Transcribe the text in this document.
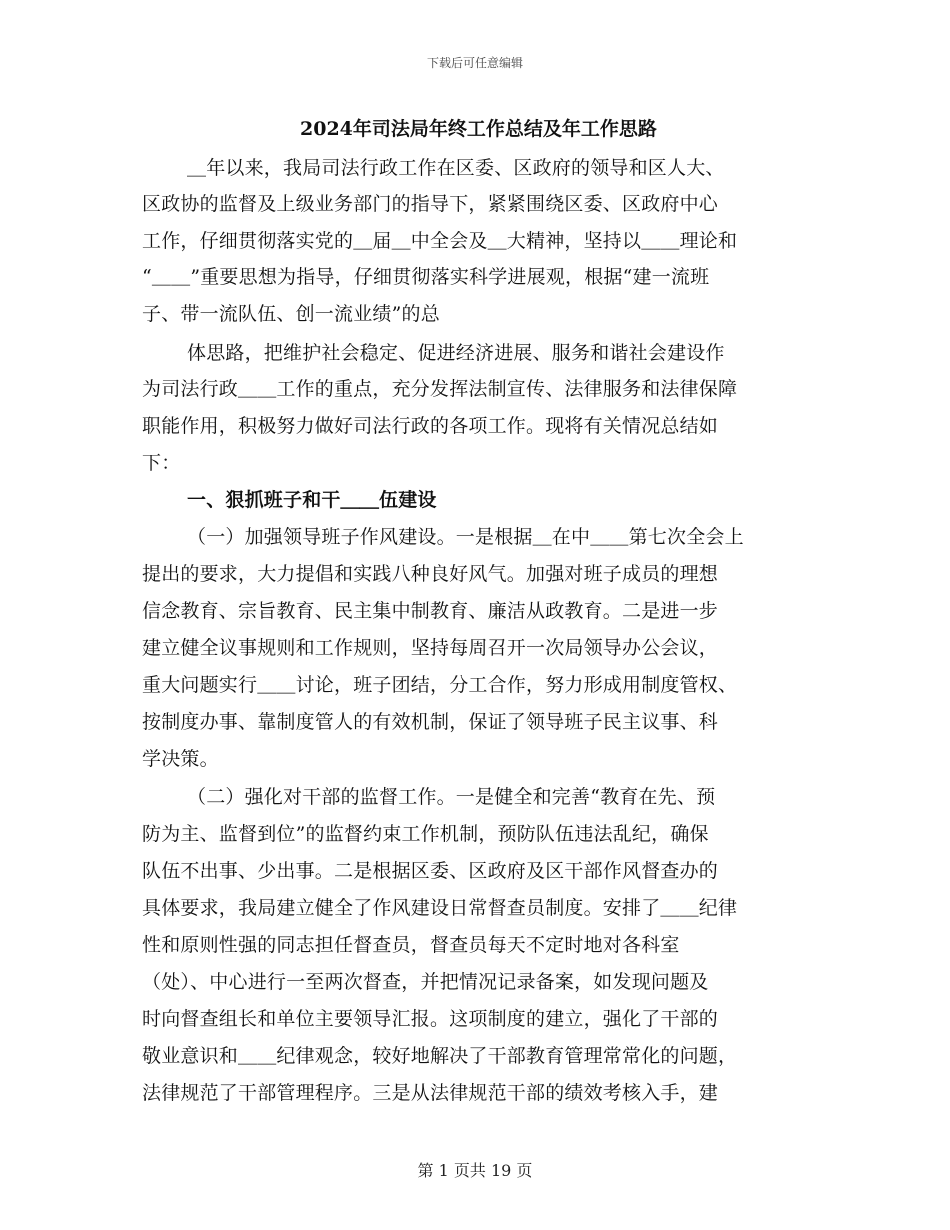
下载后可任意编辑
2024年司法局年终工作总结及年工作思路
＿年以来，我局司法行政工作在区委、区政府的领导和区人大、
区政协的监督及上级业务部门的指导下，紧紧围绕区委、区政府中心
工作，仔细贯彻落实党的＿届＿中全会及＿大精神，坚持以＿＿理论和
“＿＿”重要思想为指导，仔细贯彻落实科学进展观，根据“建一流班
子、带一流队伍、创一流业绩”的总
体思路，把维护社会稳定、促进经济进展、服务和谐社会建设作
为司法行政＿＿工作的重点，充分发挥法制宣传、法律服务和法律保障
职能作用，积极努力做好司法行政的各项工作。现将有关情况总结如
下：
一、狠抓班子和干＿＿伍建设
（一）加强领导班子作风建设。一是根据＿在中＿＿第七次全会上
提出的要求，大力提倡和实践八种良好风气。加强对班子成员的理想
信念教育、宗旨教育、民主集中制教育、廉洁从政教育。二是进一步
建立健全议事规则和工作规则，坚持每周召开一次局领导办公会议，
重大问题实行＿＿讨论，班子团结，分工合作，努力形成用制度管权、
按制度办事、靠制度管人的有效机制，保证了领导班子民主议事、科
学决策。
（二）强化对干部的监督工作。一是健全和完善“教育在先、预
防为主、监督到位”的监督约束工作机制，预防队伍违法乱纪，确保
队伍不出事、少出事。二是根据区委、区政府及区干部作风督查办的
具体要求，我局建立健全了作风建设日常督查员制度。安排了＿＿纪律
性和原则性强的同志担任督查员，督查员每天不定时地对各科室
（处）、中心进行一至两次督查，并把情况记录备案，如发现问题及
时向督查组长和单位主要领导汇报。这项制度的建立，强化了干部的
敬业意识和＿＿纪律观念，较好地解决了干部教育管理常常化的问题，
法律规范了干部管理程序。三是从法律规范干部的绩效考核入手，建
第 1 页共 19 页
